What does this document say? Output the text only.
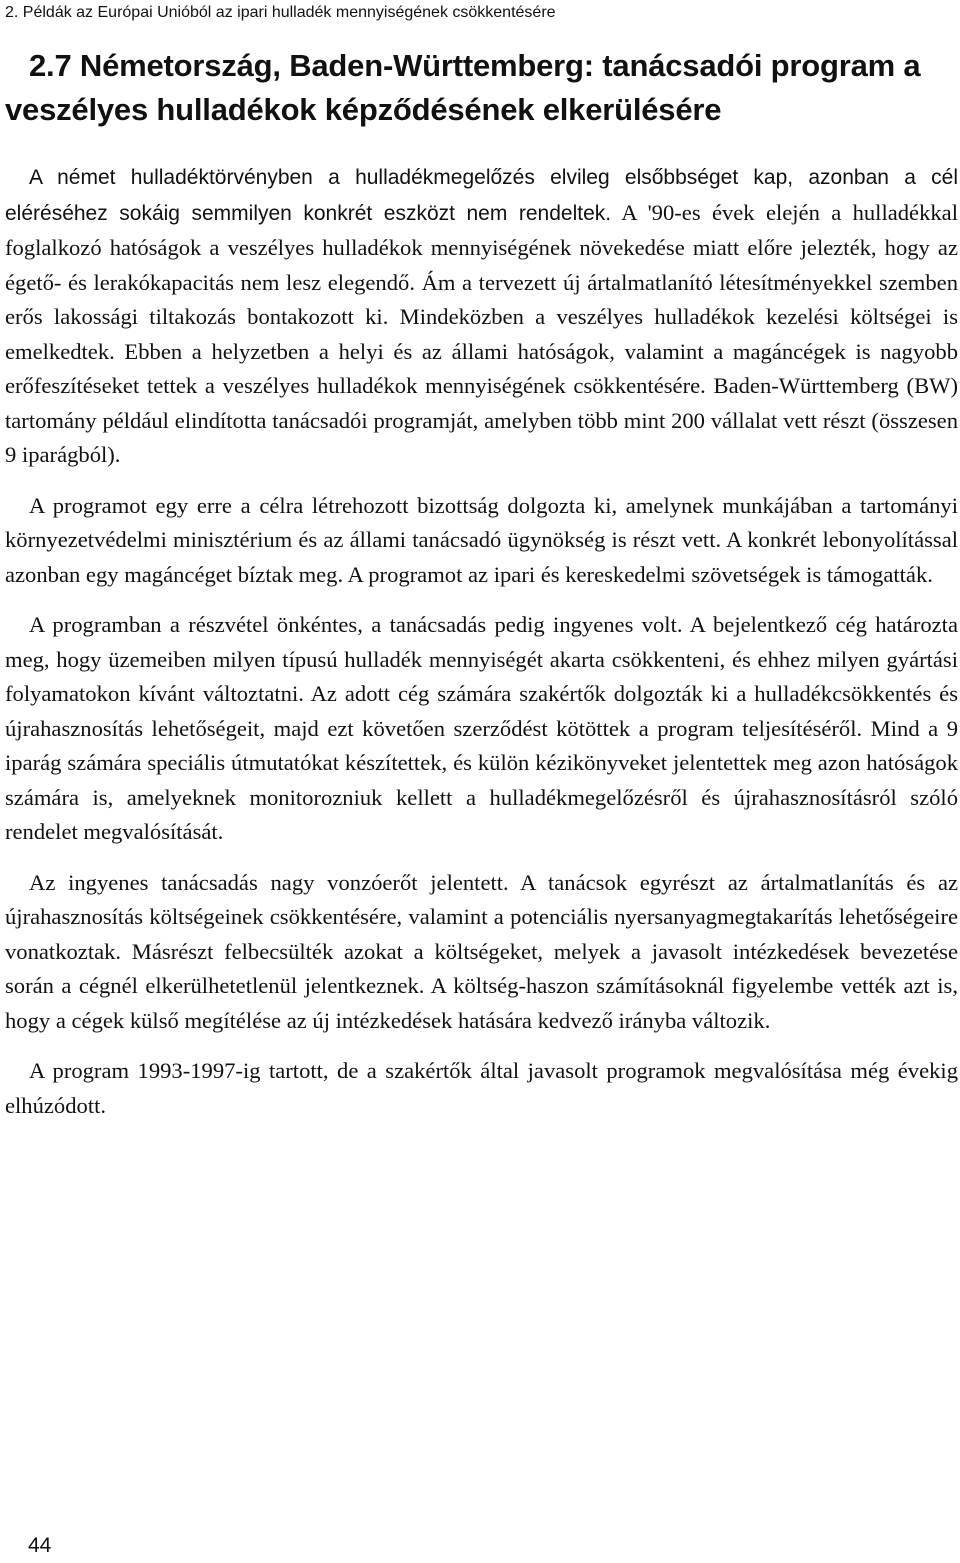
2. Példák az Európai Unióból az ipari hulladék mennyiségének csökkentésére
2.7 Németország, Baden-Württemberg: tanácsadói program a
veszélyes hulladékok képződésének elkerülésére

A német hulladéktörvényben a hulladékmegelőzés elvileg elsőbbséget kap, azonban a cél eléréséhez sokáig semmilyen konkrét eszközt nem rendeltek. A '90-es évek elején a hulladékkal foglalkozó hatóságok a veszélyes hulladékok mennyiségének növekedése miatt előre jelezték, hogy az égető- és lerakókapacitás nem lesz elegendő. Ám a tervezett új ártalmatlanító létesítményekkel szemben erős lakossági tiltakozás bontakozott ki. Mindeközben a veszélyes hulladékok kezelési költségei is emelkedtek. Ebben a helyzetben a helyi és az állami hatóságok, valamint a magáncégek is nagyobb erőfeszítéseket tettek a veszélyes hulladékok mennyiségének csökkentésére. Baden-Württemberg (BW) tartomány például elindította tanácsadói programját, amelyben több mint 200 vállalat vett részt (összesen 9 iparágból).

A programot egy erre a célra létrehozott bizottság dolgozta ki, amelynek munkájában a tartományi környezetvédelmi minisztérium és az állami tanácsadó ügynökség is részt vett. A konkrét lebonyolítással azonban egy magáncéget bíztak meg. A programot az ipari és kereskedelmi szövetségek is támogatták.

A programban a részvétel önkéntes, a tanácsadás pedig ingyenes volt. A bejelentkező cég határozta meg, hogy üzemeiben milyen típusú hulladék mennyiségét akarta csökkenteni, és ehhez milyen gyártási folyamatokon kívánt változtatni. Az adott cég számára szakértők dolgozták ki a hulladékcsökkentés és újrahasznosítás lehetőségeit, majd ezt követően szerződést kötöttek a program teljesítéséről. Mind a 9 iparág számára speciális útmutatókat készítettek, és külön kézikönyveket jelentettek meg azon hatóságok számára is, amelyeknek monitorozniuk kellett a hulladékmegelőzésről és újrahasznosításról szóló rendelet megvalósítását.

Az ingyenes tanácsadás nagy vonzóerőt jelentett. A tanácsok egyrészt az ártalmatlanítás és az újrahasznosítás költségeinek csökkentésére, valamint a potenciális nyersanyagmegtakarítás lehetőségeire vonatkoztak. Másrészt felbecsülték azokat a költségeket, melyek a javasolt intézkedések bevezetése során a cégnél elkerülhetetlenül jelentkeznek. A költség-haszon számításoknál figyelembe vették azt is, hogy a cégek külső megítélése az új intézkedések hatására kedvező irányba változik.

A program 1993-1997-ig tartott, de a szakértők által javasolt programok megvalósítása még évekig elhúzódott.

44
